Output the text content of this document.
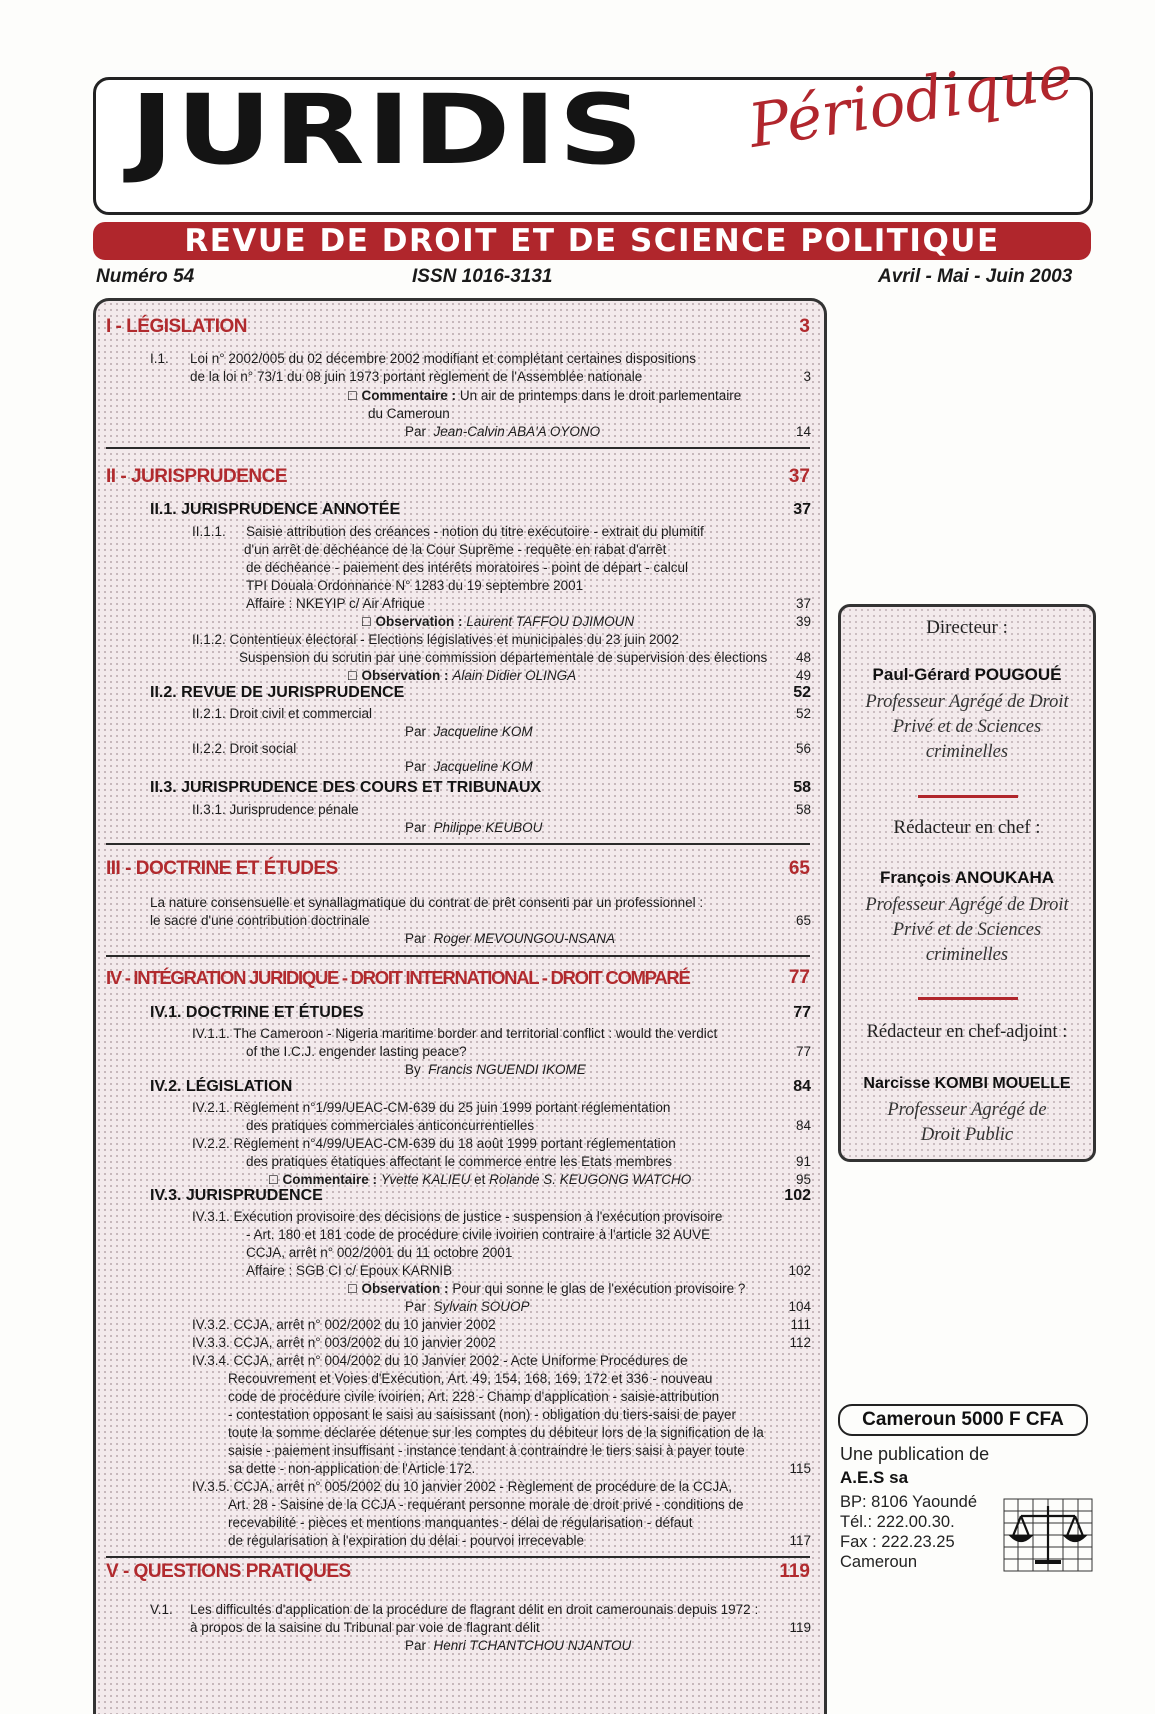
JURIDIS Périodique
REVUE DE DROIT ET DE SCIENCE POLITIQUE
Numéro 54	ISSN 1016-3131	Avril - Mai - Juin 2003
I - LÉGISLATION	3
I.1. Loi n° 2002/005 du 02 décembre 2002 modifiant et complétant certaines dispositions
de la loi n° 73/1 du 08 juin 1973 portant règlement de l'Assemblée nationale	3
☐ Commentaire : Un air de printemps dans le droit parlementaire
du Cameroun
Par Jean-Calvin ABA'A OYONO	14
II - JURISPRUDENCE	37
II.1. JURISPRUDENCE ANNOTÉE	37
II.1.1. Saisie attribution des créances - notion du titre exécutoire - extrait du plumitif
d'un arrêt de déchéance de la Cour Suprême - requête en rabat d'arrêt
de déchéance - paiement des intérêts moratoires - point de départ - calcul
TPI Douala Ordonnance N° 1283 du 19 septembre 2001
Affaire : NKEYIP c/ Air Afrique	37
☐ Observation : Laurent TAFFOU DJIMOUN	39
II.1.2. Contentieux électoral - Elections législatives et municipales du 23 juin 2002
Suspension du scrutin par une commission départementale de supervision des élections	48
☐ Observation : Alain Didier OLINGA	49
II.2. REVUE DE JURISPRUDENCE	52
II.2.1. Droit civil et commercial	52
Par Jacqueline KOM
II.2.2. Droit social	56
Par Jacqueline KOM
II.3. JURISPRUDENCE DES COURS ET TRIBUNAUX	58
II.3.1. Jurisprudence pénale	58
Par Philippe KEUBOU
III - DOCTRINE ET ÉTUDES	65
La nature consensuelle et synallagmatique du contrat de prêt consenti par un professionnel :
le sacre d'une contribution doctrinale	65
Par Roger MEVOUNGOU-NSANA
IV - INTÉGRATION JURIDIQUE - DROIT INTERNATIONAL - DROIT COMPARÉ	77
IV.1. DOCTRINE ET ÉTUDES	77
IV.1.1. The Cameroon - Nigeria maritime border and territorial conflict : would the verdict
of the I.C.J. engender lasting peace?	77
By Francis NGUENDI IKOME
IV.2. LÉGISLATION	84
IV.2.1. Règlement n°1/99/UEAC-CM-639 du 25 juin 1999 portant réglementation
des pratiques commerciales anticoncurrentielles	84
IV.2.2. Règlement n°4/99/UEAC-CM-639 du 18 août 1999 portant réglementation
des pratiques étatiques affectant le commerce entre les Etats membres	91
☐ Commentaire : Yvette KALIEU et Rolande S. KEUGONG WATCHO	95
IV.3. JURISPRUDENCE	102
IV.3.1. Exécution provisoire des décisions de justice - suspension à l'exécution provisoire
- Art. 180 et 181 code de procédure civile ivoirien contraire à l'article 32 AUVE
CCJA, arrêt n° 002/2001 du 11 octobre 2001
Affaire : SGB CI c/ Epoux KARNIB	102
☐ Observation : Pour qui sonne le glas de l'exécution provisoire ?
Par Sylvain SOUOP	104
IV.3.2. CCJA, arrêt n° 002/2002 du 10 janvier 2002	111
IV.3.3. CCJA, arrêt n° 003/2002 du 10 janvier 2002	112
IV.3.4. CCJA, arrêt n° 004/2002 du 10 Janvier 2002 - Acte Uniforme Procédures de
Recouvrement et Voies d'Exécution, Art. 49, 154, 168, 169, 172 et 336 - nouveau
code de procédure civile ivoirien, Art. 228 - Champ d'application - saisie-attribution
- contestation opposant le saisi au saisissant (non) - obligation du tiers-saisi de payer
toute la somme déclarée détenue sur les comptes du débiteur lors de la signification de la
saisie - paiement insuffisant - instance tendant à contraindre le tiers saisi à payer toute
sa dette - non-application de l'Article 172.	115
IV.3.5. CCJA, arrêt n° 005/2002 du 10 janvier 2002 - Règlement de procédure de la CCJA,
Art. 28 - Saisine de la CCJA - requérant personne morale de droit privé - conditions de
recevabilité - pièces et mentions manquantes - délai de régularisation - défaut
de régularisation à l'expiration du délai - pourvoi irrecevable	117
V - QUESTIONS PRATIQUES	119
V.1. Les difficultés d'application de la procédure de flagrant délit en droit camerounais depuis 1972 :
à propos de la saisine du Tribunal par voie de flagrant délit	119
Par Henri TCHANTCHOU NJANTOU
Directeur :
Paul-Gérard POUGOUÉ
Professeur Agrégé de Droit Privé et de Sciences criminelles
Rédacteur en chef :
François ANOUKAHA
Professeur Agrégé de Droit Privé et de Sciences criminelles
Rédacteur en chef-adjoint :
Narcisse KOMBI MOUELLE
Professeur Agrégé de Droit Public
Cameroun 5000 F CFA
Une publication de
A.E.S sa
BP: 8106 Yaoundé
Tél.: 222.00.30.
Fax : 222.23.25
Cameroun
